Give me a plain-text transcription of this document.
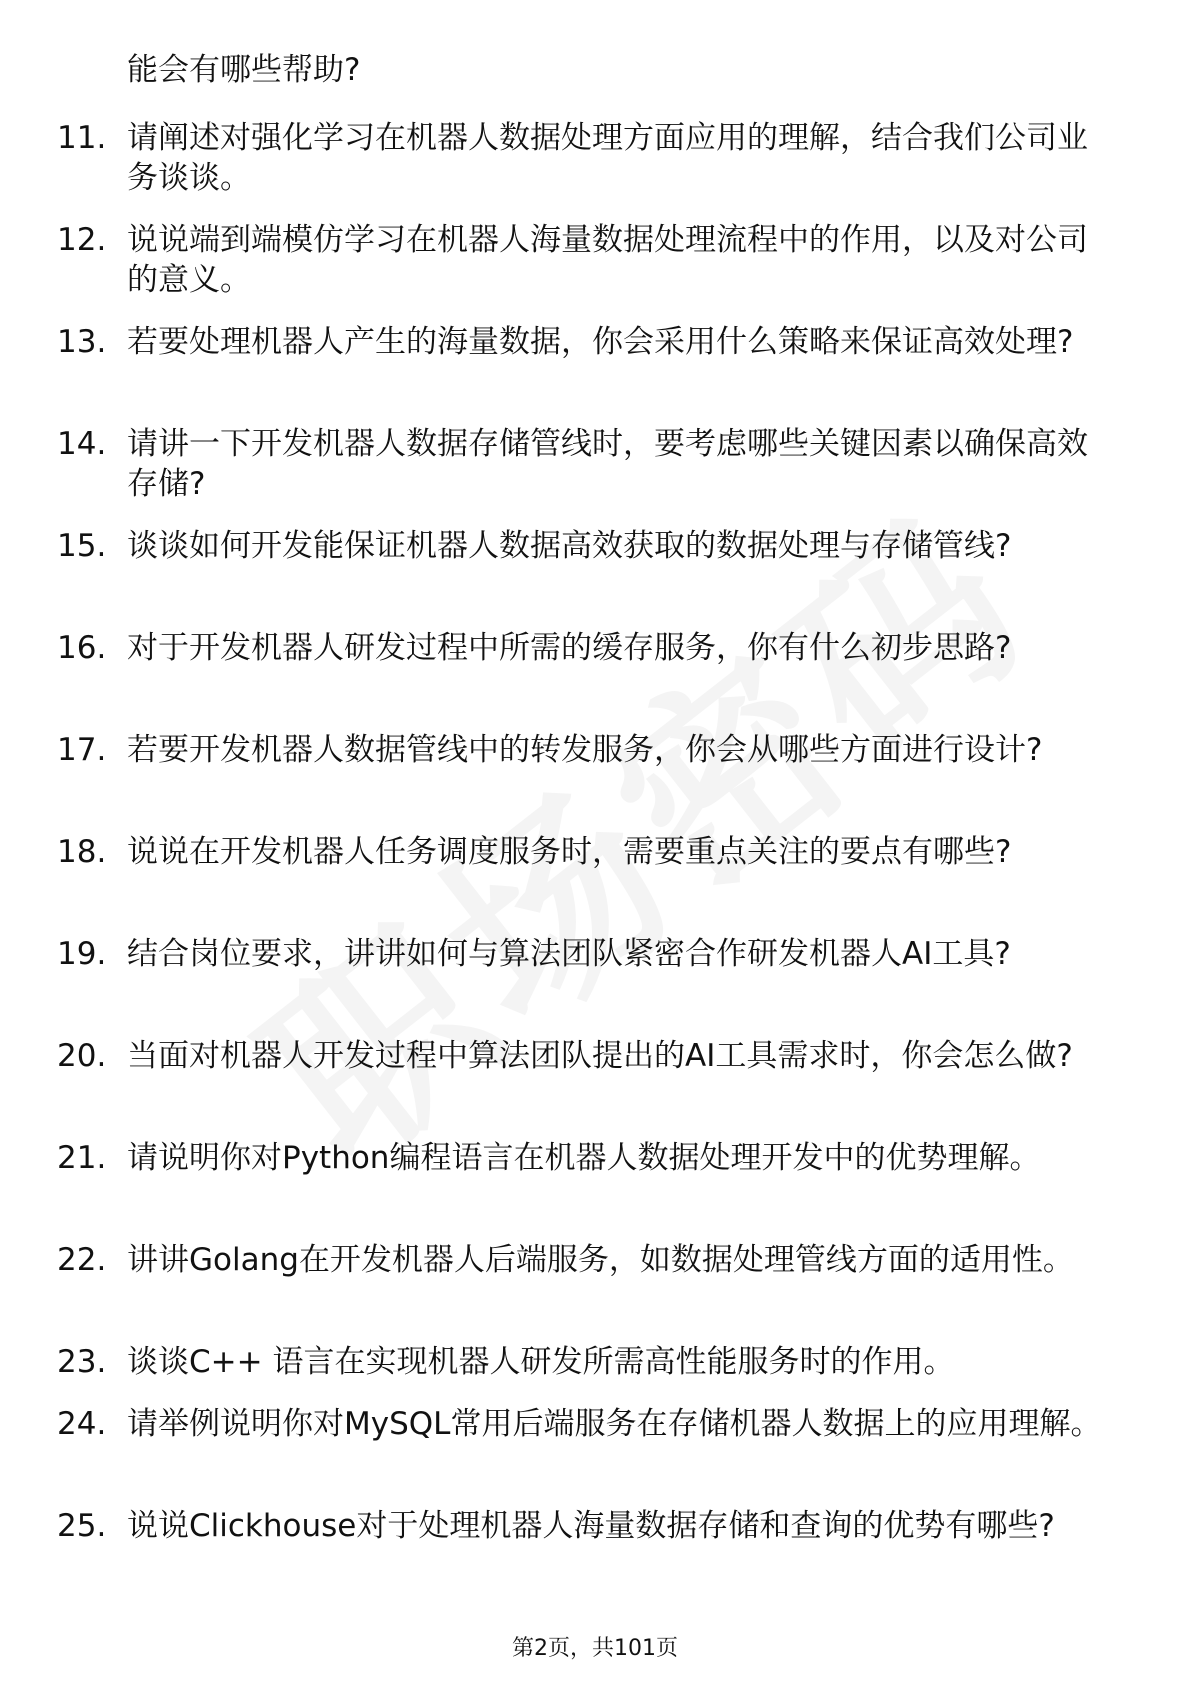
能会有哪些帮助?

11. 请阐述对强化学习在机器人数据处理方面应用的理解，结合我们公司业务谈谈。
12. 说说端到端模仿学习在机器人海量数据处理流程中的作用，以及对公司的意义。
13. 若要处理机器人产生的海量数据，你会采用什么策略来保证高效处理?
14. 请讲一下开发机器人数据存储管线时，要考虑哪些关键因素以确保高效存储?
15. 谈谈如何开发能保证机器人数据高效获取的数据处理与存储管线?
16. 对于开发机器人研发过程中所需的缓存服务，你有什么初步思路?
17. 若要开发机器人数据管线中的转发服务，你会从哪些方面进行设计?
18. 说说在开发机器人任务调度服务时，需要重点关注的要点有哪些?
19. 结合岗位要求，讲讲如何与算法团队紧密合作研发机器人AI工具?
20. 当面对机器人开发过程中算法团队提出的AI工具需求时，你会怎么做?
21. 请说明你对Python编程语言在机器人数据处理开发中的优势理解。
22. 讲讲Golang在开发机器人后端服务，如数据处理管线方面的适用性。
23. 谈谈C++ 语言在实现机器人研发所需高性能服务时的作用。
24. 请举例说明你对MySQL常用后端服务在存储机器人数据上的应用理解。
25. 说说Clickhouse对于处理机器人海量数据存储和查询的优势有哪些?
第2页，共101页
